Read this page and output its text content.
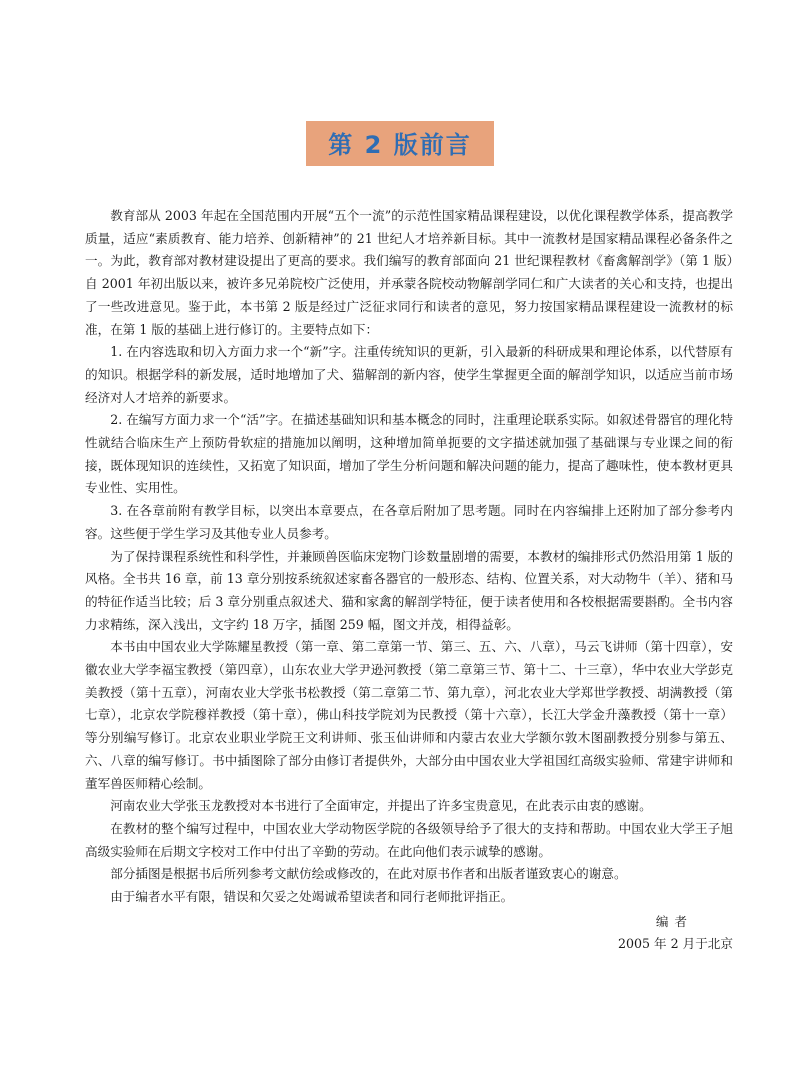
第 2 版前言

教育部从 2003 年起在全国范围内开展“五个一流”的示范性国家精品课程建设，以优化课程教学体系，提高教学质量，适应“素质教育、能力培养、创新精神”的 21 世纪人才培养新目标。其中一流教材是国家精品课程必备条件之一。为此，教育部对教材建设提出了更高的要求。我们编写的教育部面向 21 世纪课程教材《畜禽解剖学》（第 1 版）自 2001 年初出版以来，被许多兄弟院校广泛使用，并承蒙各院校动物解剖学同仁和广大读者的关心和支持，也提出了一些改进意见。鉴于此，本书第 2 版是经过广泛征求同行和读者的意见，努力按国家精品课程建设一流教材的标准，在第 1 版的基础上进行修订的。主要特点如下：

1. 在内容选取和切入方面力求一个“新”字。注重传统知识的更新，引入最新的科研成果和理论体系，以代替原有的知识。根据学科的新发展，适时地增加了犬、猫解剖的新内容，使学生掌握更全面的解剖学知识，以适应当前市场经济对人才培养的新要求。

2. 在编写方面力求一个“活”字。在描述基础知识和基本概念的同时，注重理论联系实际。如叙述骨器官的理化特性就结合临床生产上预防骨软症的措施加以阐明，这种增加简单扼要的文字描述就加强了基础课与专业课之间的衔接，既体现知识的连续性，又拓宽了知识面，增加了学生分析问题和解决问题的能力，提高了趣味性，使本教材更具专业性、实用性。

3. 在各章前附有教学目标，以突出本章要点，在各章后附加了思考题。同时在内容编排上还附加了部分参考内容。这些便于学生学习及其他专业人员参考。

为了保持课程系统性和科学性，并兼顾兽医临床宠物门诊数量剧增的需要，本教材的编排形式仍然沿用第 1 版的风格。全书共 16 章，前 13 章分别按系统叙述家畜各器官的一般形态、结构、位置关系，对大动物牛（羊）、猪和马的特征作适当比较；后 3 章分别重点叙述犬、猫和家禽的解剖学特征，便于读者使用和各校根据需要斟酌。全书内容力求精练，深入浅出，文字约 18 万字，插图 259 幅，图文并茂，相得益彰。

本书由中国农业大学陈耀星教授（第一章、第二章第一节、第三、五、六、八章），马云飞讲师（第十四章），安徽农业大学李福宝教授（第四章），山东农业大学尹逊河教授（第二章第三节、第十二、十三章），华中农业大学彭克美教授（第十五章），河南农业大学张书松教授（第二章第二节、第九章），河北农业大学郑世学教授、胡满教授（第七章），北京农学院穆祥教授（第十章），佛山科技学院刘为民教授（第十六章），长江大学金升藻教授（第十一章）等分别编写修订。北京农业职业学院王文利讲师、张玉仙讲师和内蒙古农业大学额尔敦木图副教授分别参与第五、六、八章的编写修订。书中插图除了部分由修订者提供外，大部分由中国农业大学祖国红高级实验师、常建宇讲师和董军兽医师精心绘制。

河南农业大学张玉龙教授对本书进行了全面审定，并提出了许多宝贵意见，在此表示由衷的感谢。

在教材的整个编写过程中，中国农业大学动物医学院的各级领导给予了很大的支持和帮助。中国农业大学王子旭高级实验师在后期文字校对工作中付出了辛勤的劳动。在此向他们表示诚挚的感谢。

部分插图是根据书后所列参考文献仿绘或修改的，在此对原书作者和出版者谨致衷心的谢意。

由于编者水平有限，错误和欠妥之处竭诚希望读者和同行老师批评指正。

编者
2005 年 2 月于北京
